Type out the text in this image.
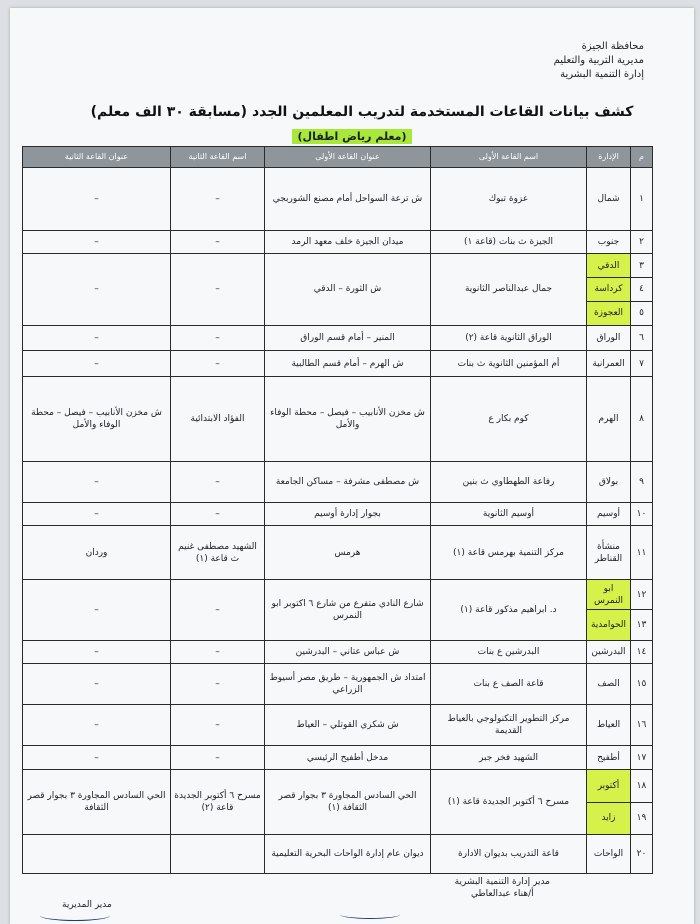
محافظة الجيزة
مديرية التربية والتعليم
إدارة التنمية البشرية
كشف بيانات القاعات المستخدمة لتدريب المعلمين الجدد (مسابقة ٣٠ الف معلم)
(معلم رياض اطفال)
م	الإدارة	اسم القاعة الأولى	عنوان القاعة الأولى	اسم القاعة الثانية	عنوان القاعة الثانية
١	شمال	عزوة تبوك	ش ترعة السواحل أمام مصنع الشوربجي	–	–
٢	جنوب	الجيزة ث بنات (قاعة ١)	ميدان الجيزة خلف معهد الرمد	–	–
٣	الدقي	جمال عبدالناصر الثانوية	ش الثورة – الدقي	–	–
٤	كرداسة				
٥	العجوزة				
٦	الوراق	الوراق الثانوية قاعة (٢)	المنير – أمام قسم الوراق	–	–
٧	العمرانية	أم المؤمنين الثانوية ث بنات	ش الهرم – أمام قسم الطالبية	–	–
٨	الهرم	كوم بكار ع	ش مخزن الأنابيب – فيصل – محطة الوفاء والأمل	الفؤاد الابتدائية	ش مخزن الأنابيب – فيصل – محطة الوفاء والأمل
٩	بولاق	رفاعة الطهطاوي ث بنين	ش مصطفى مشرفة – مساكن الجامعة	–	–
١٠	أوسيم	أوسيم الثانوية	بجوار إدارة أوسيم	–	–
١١	منشأة القناطر	مركز التنمية بهرمس قاعة (١)	هرمس	الشهيد مصطفى غنيم ث قاعة (١)	وردان
١٢	ابو النمرس	د. ابراهيم مذكور قاعة (١)	شارع النادي متفرع من شارع ٦ اكتوبر ابو النمرس	–	–
١٣	الحوامدية				
١٤	البدرشين	البدرشين ع بنات	ش عباس عتاني – البدرشين	–	–
١٥	الصف	قاعة الصف ع بنات	امتداد ش الجمهورية – طريق مصر أسيوط الزراعي	–	–
١٦	العياط	مركز التطوير التكنولوجي بالعياط القديمة	ش شكري القوتلي – العياط	–	–
١٧	أطفيح	الشهيد فخر جبر	مدخل أطفيح الرئيسي	–	–
١٨	أكتوبر	مسرح ٦ أكتوبر الجديدة قاعة (١)	الحي السادس المجاورة ٣ بجوار قصر الثقافة (١)	مسرح ٦ أكتوبر الجديدة قاعة (٢)	الحي السادس المجاورة ٣ بجوار قصر الثقافة
١٩	زايد				
٢٠	الواحات	قاعة التدريب بديوان الادارة	ديوان عام إدارة الواحات البحرية التعليمية		
مدير إدارة التنمية البشرية
أ/هناء عبدالعاطي
مدير المديرية
